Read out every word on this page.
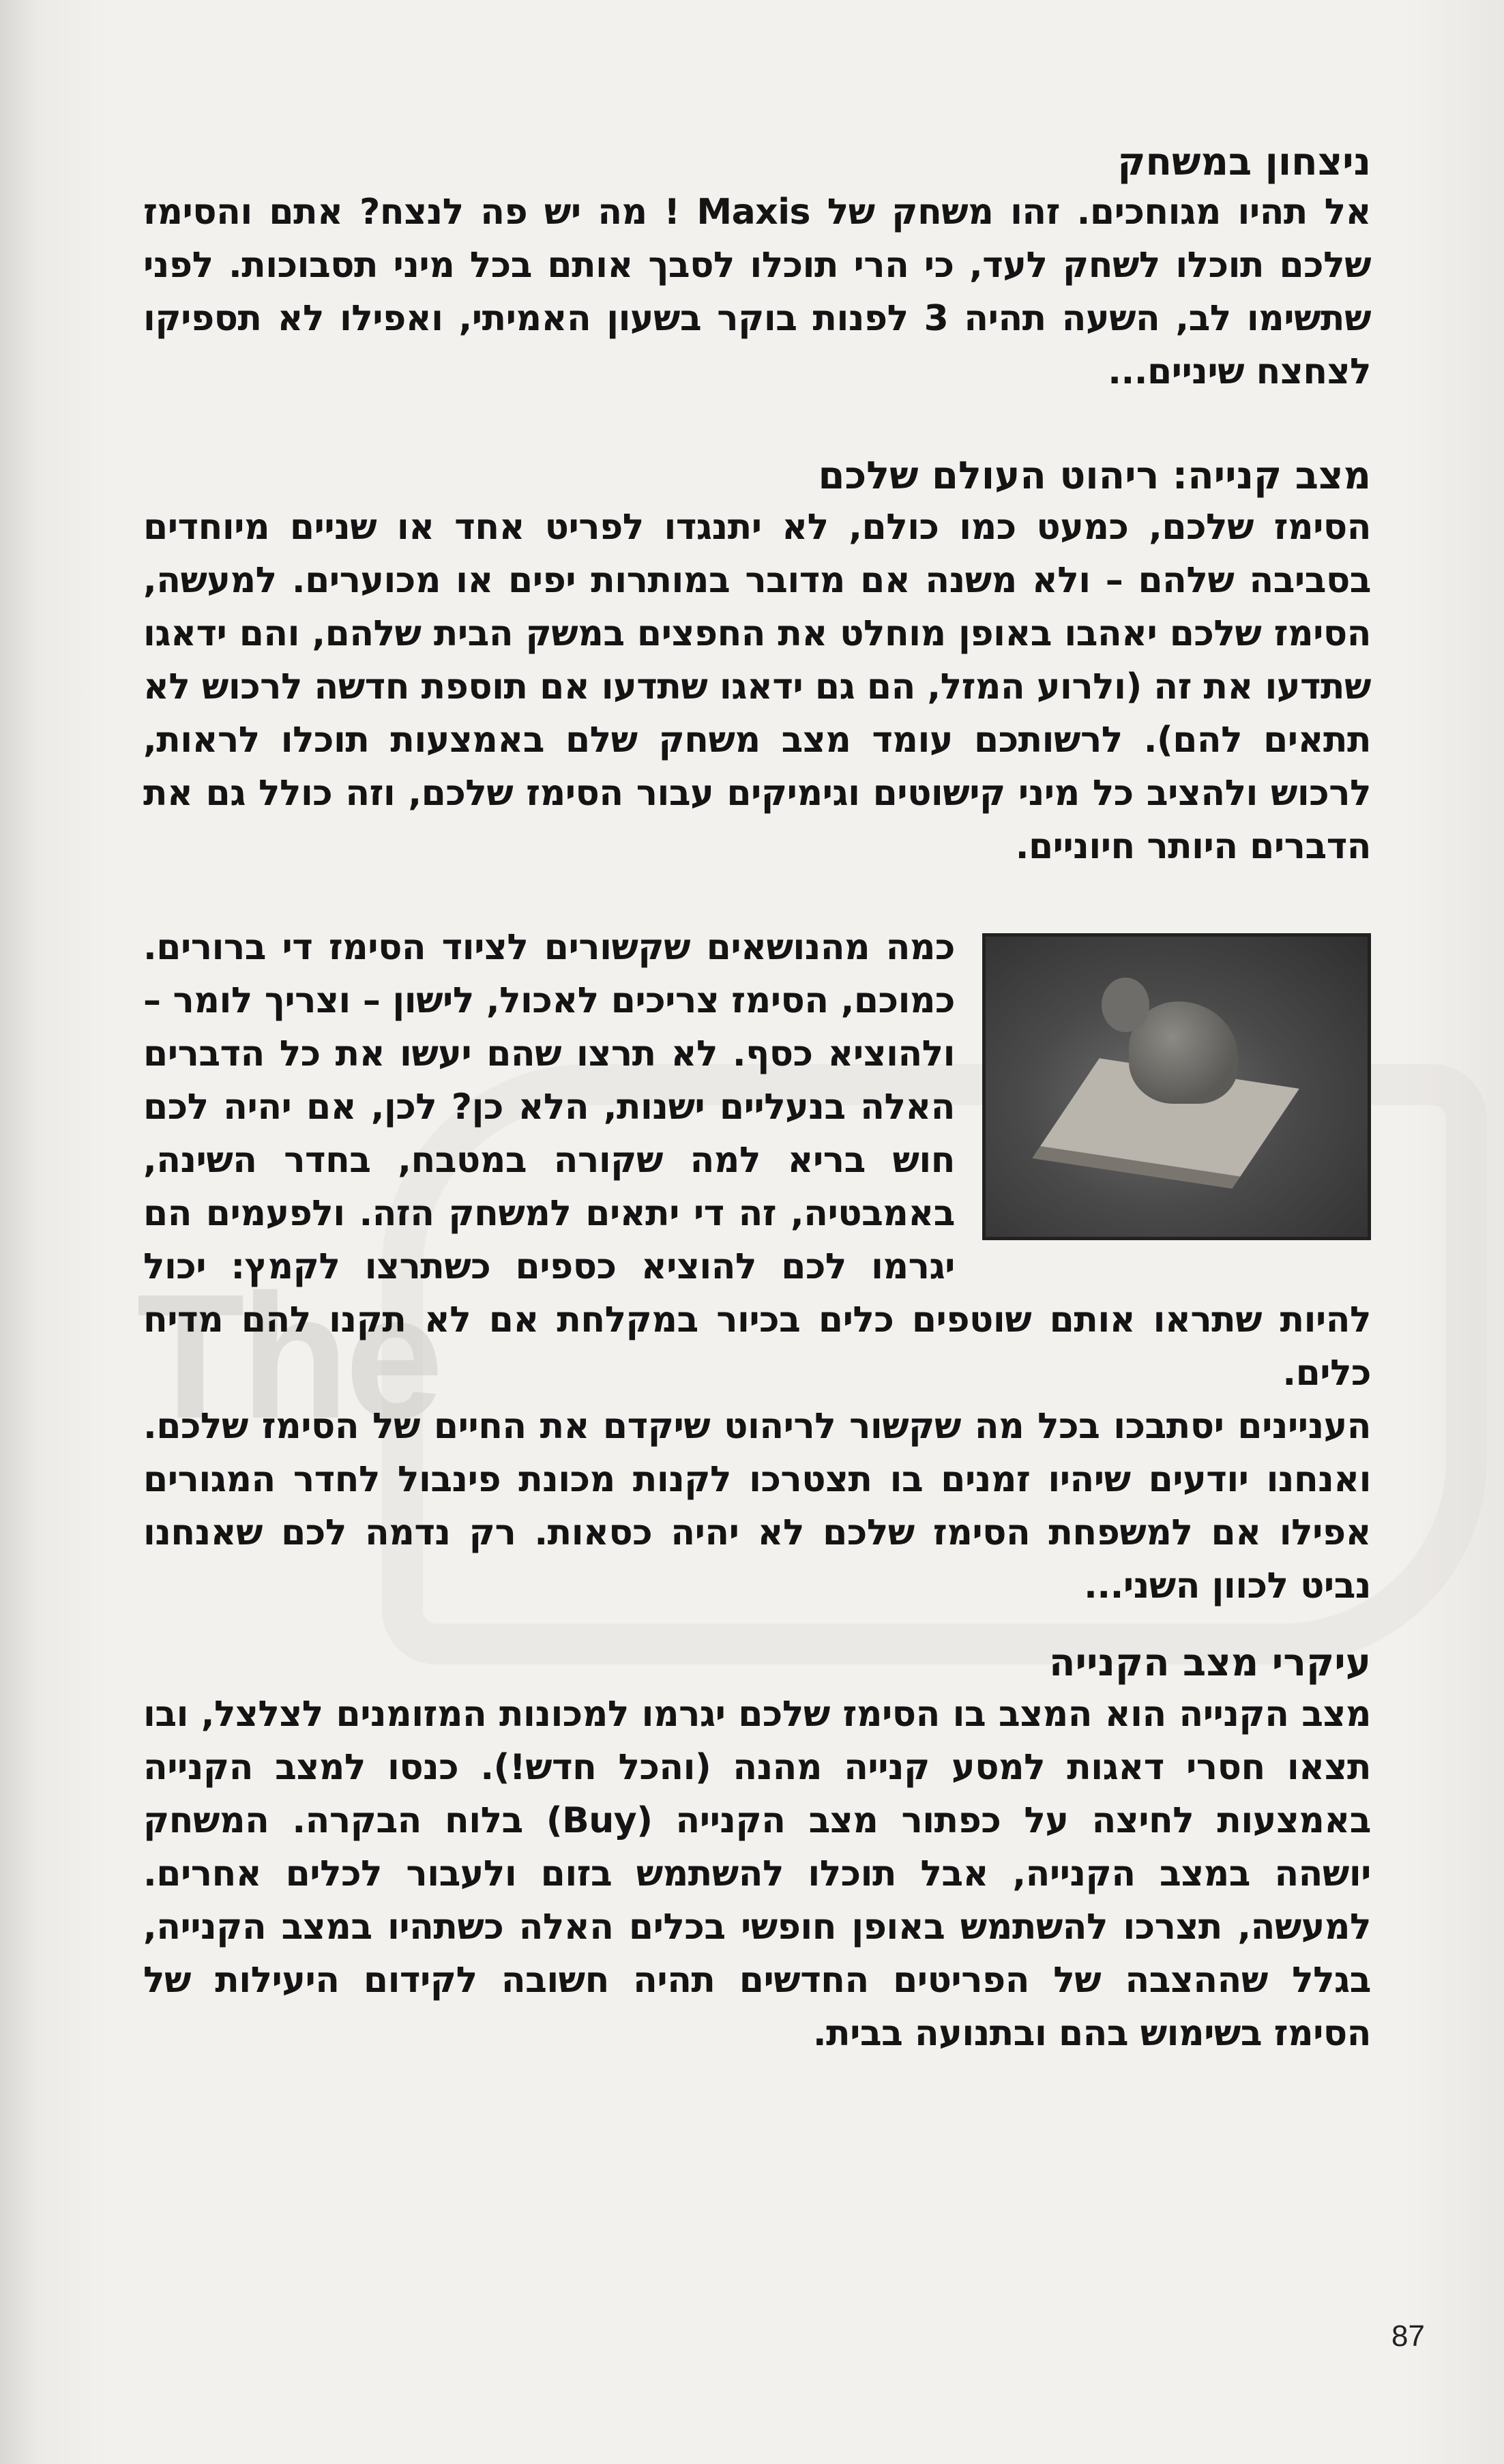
The

ניצחון במשחק

אל תהיו מגוחכים. זהו משחק של Maxis ! מה יש פה לנצח? אתם והסימז שלכם תוכלו לשחק לעד, כי הרי תוכלו לסבך אותם בכל מיני תסבוכות. לפני שתשימו לב, השעה תהיה 3 לפנות בוקר בשעון האמיתי, ואפילו לא תספיקו לצחצח שיניים...

מצב קנייה: ריהוט העולם שלכם

הסימז שלכם, כמעט כמו כולם, לא יתנגדו לפריט אחד או שניים מיוחדים בסביבה שלהם – ולא משנה אם מדובר במותרות יפים או מכוערים. למעשה, הסימז שלכם יאהבו באופן מוחלט את החפצים במשק הבית שלהם, והם ידאגו שתדעו את זה (ולרוע המזל, הם גם ידאגו שתדעו אם תוספת חדשה לרכוש לא תתאים להם). לרשותכם עומד מצב משחק שלם באמצעות תוכלו לראות, לרכוש ולהציב כל מיני קישוטים וגימיקים עבור הסימז שלכם, וזה כולל גם את הדברים היותר חיוניים.

כמה מהנושאים שקשורים לציוד הסימז די ברורים. כמוכם, הסימז צריכים לאכול, לישון – וצריך לומר – ולהוציא כסף. לא תרצו שהם יעשו את כל הדברים האלה בנעליים ישנות, הלא כן? לכן, אם יהיה לכם חוש בריא למה שקורה במטבח, בחדר השינה, באמבטיה, זה די יתאים למשחק הזה. ולפעמים הם יגרמו לכם להוציא כספים כשתרצו לקמץ: יכול להיות שתראו אותם שוטפים כלים בכיור במקלחת אם לא תקנו להם מדיח כלים.

העניינים יסתבכו בכל מה שקשור לריהוט שיקדם את החיים של הסימז שלכם. ואנחנו יודעים שיהיו זמנים בו תצטרכו לקנות מכונת פינבול לחדר המגורים אפילו אם למשפחת הסימז שלכם לא יהיה כסאות. רק נדמה לכם שאנחנו נביט לכוון השני...

עיקרי מצב הקנייה

מצב הקנייה הוא המצב בו הסימז שלכם יגרמו למכונות המזומנים לצלצל, ובו תצאו חסרי דאגות למסע קנייה מהנה (והכל חדש!). כנסו למצב הקנייה באמצעות לחיצה על כפתור מצב הקנייה (Buy) בלוח הבקרה. המשחק יושהה במצב הקנייה, אבל תוכלו להשתמש בזום ולעבור לכלים אחרים. למעשה, תצרכו להשתמש באופן חופשי בכלים האלה כשתהיו במצב הקנייה, בגלל שההצבה של הפריטים החדשים תהיה חשובה לקידום היעילות של הסימז בשימוש בהם ובתנועה בבית.

87
